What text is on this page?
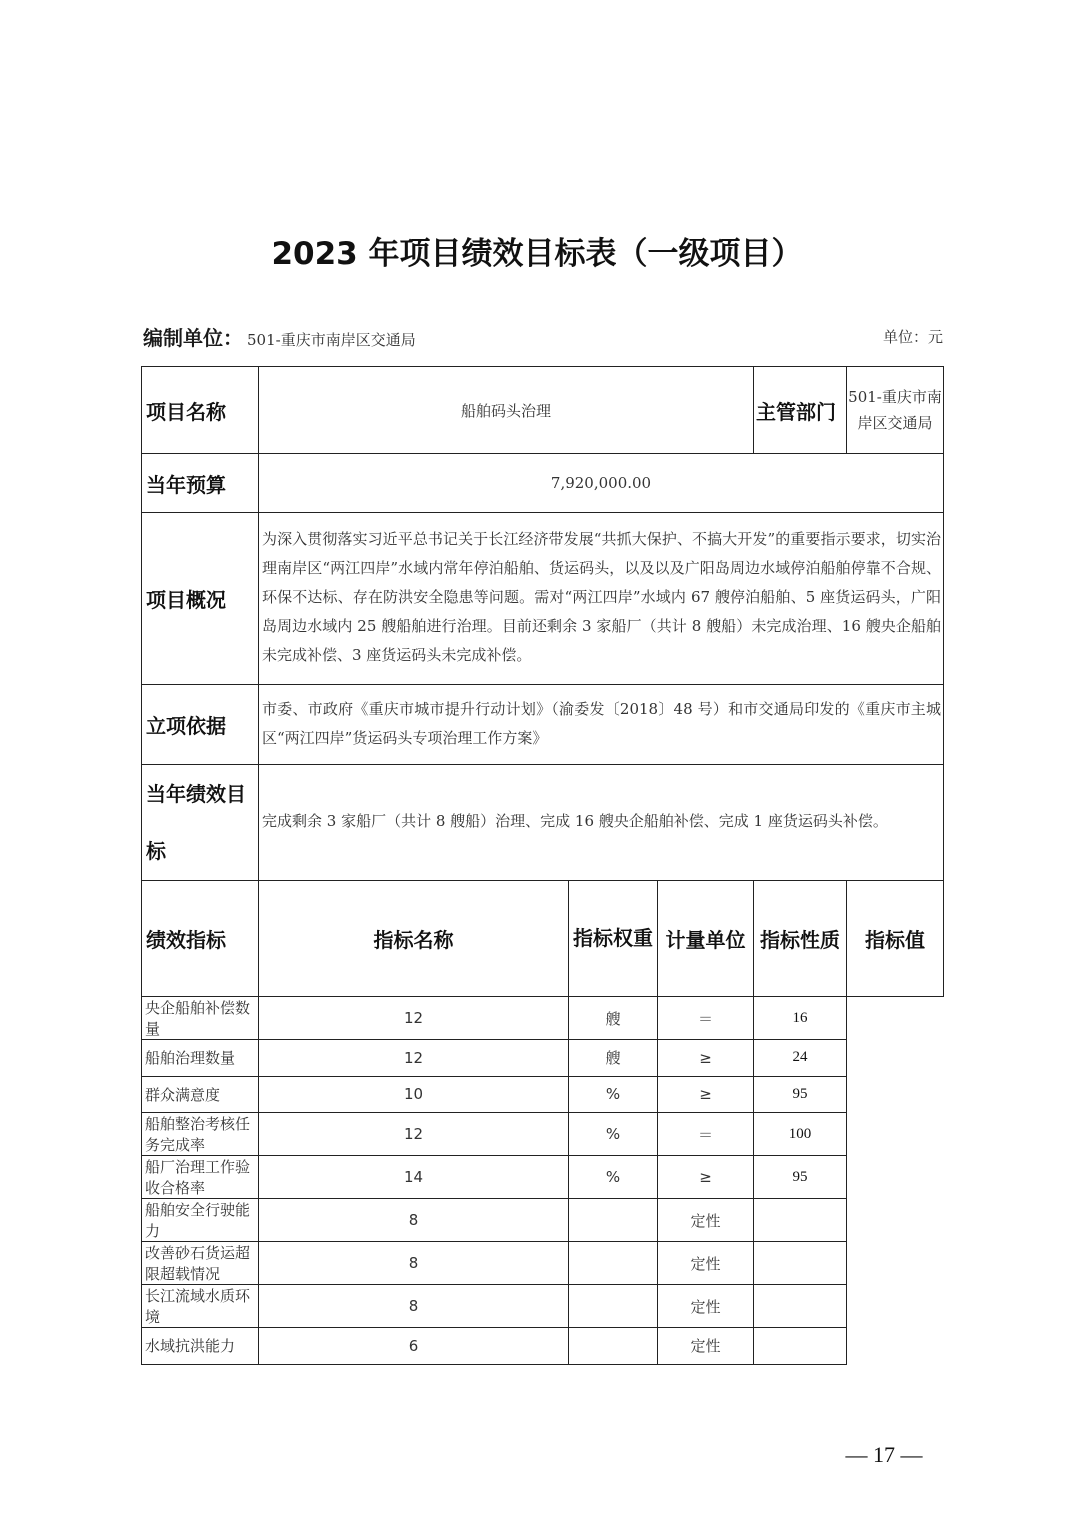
2023 年项目绩效目标表（一级项目）
编制单位： 501-重庆市南岸区交通局	单位：元
项目名称	船舶码头治理			主管部门	501-重庆市南岸区交通局
当年预算	7,920,000.00				
项目概况	为深入贯彻落实习近平总书记关于长江经济带发展“共抓大保护、不搞大开发”的重要指示要求，切实治理南岸区“两江四岸”水域内常年停泊船舶、货运码头，以及以及广阳岛周边水域停泊船舶停靠不合规、环保不达标、存在防洪安全隐患等问题。需对“两江四岸”水域内 67 艘停泊船舶、5 座货运码头，广阳岛周边水域内 25 艘船舶进行治理。目前还剩余 3 家船厂（共计 8 艘船）未完成治理、16 艘央企船舶未完成补偿、3 座货运码头未完成补偿。				
立项依据	市委、市政府《重庆市城市提升行动计划》（渝委发〔2018〕48 号）和市交通局印发的《重庆市主城区“两江四岸”货运码头专项治理工作方案》				
当年绩效目标	完成剩余 3 家船厂（共计 8 艘船）治理、完成 16 艘央企船舶补偿、完成 1 座货运码头补偿。				
绩效指标	指标名称	指标权重	计量单位	指标性质	指标值
央企船舶补偿数量	12	艘	＝	16	
船舶治理数量	12	艘	≥	24	
群众满意度	10	%	≥	95	
船舶整治考核任务完成率	12	%	＝	100	
船厂治理工作验收合格率	14	%	≥	95	
船舶安全行驶能力	8		定性		
改善砂石货运超限超载情况	8		定性		
长江流域水质环境	8		定性		
水域抗洪能力	6		定性		
— 17 —
